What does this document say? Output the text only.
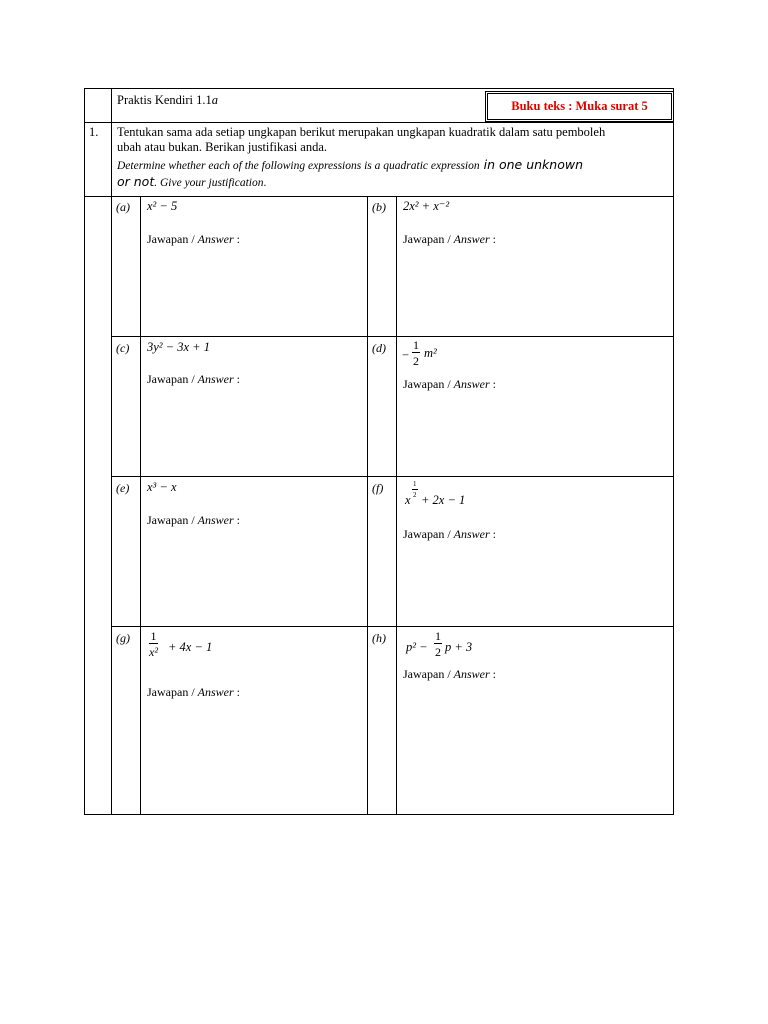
Praktis Kendiri 1.1a	Buku teks : Muka surat 5
1. Tentukan sama ada setiap ungkapan berikut merupakan ungkapan kuadratik dalam satu pemboleh
ubah atau bukan. Berikan justifikasi anda.
Determine whether each of the following expressions is a quadratic expression in one unknown
or not. Give your justification.
(a) x² − 5
Jawapan / Answer :
(b) 2x² + x⁻²
Jawapan / Answer :
(c) 3y² − 3x + 1
Jawapan / Answer :
(d) −
1
2
m²
Jawapan / Answer :
(e) x³ − x
Jawapan / Answer :
(f)
x
1
2 + 2x − 1
Jawapan / Answer :
(g) 1
x² + 4x − 1
Jawapan / Answer :
(h)
p² −
1
2 p + 3
Jawapan / Answer :
